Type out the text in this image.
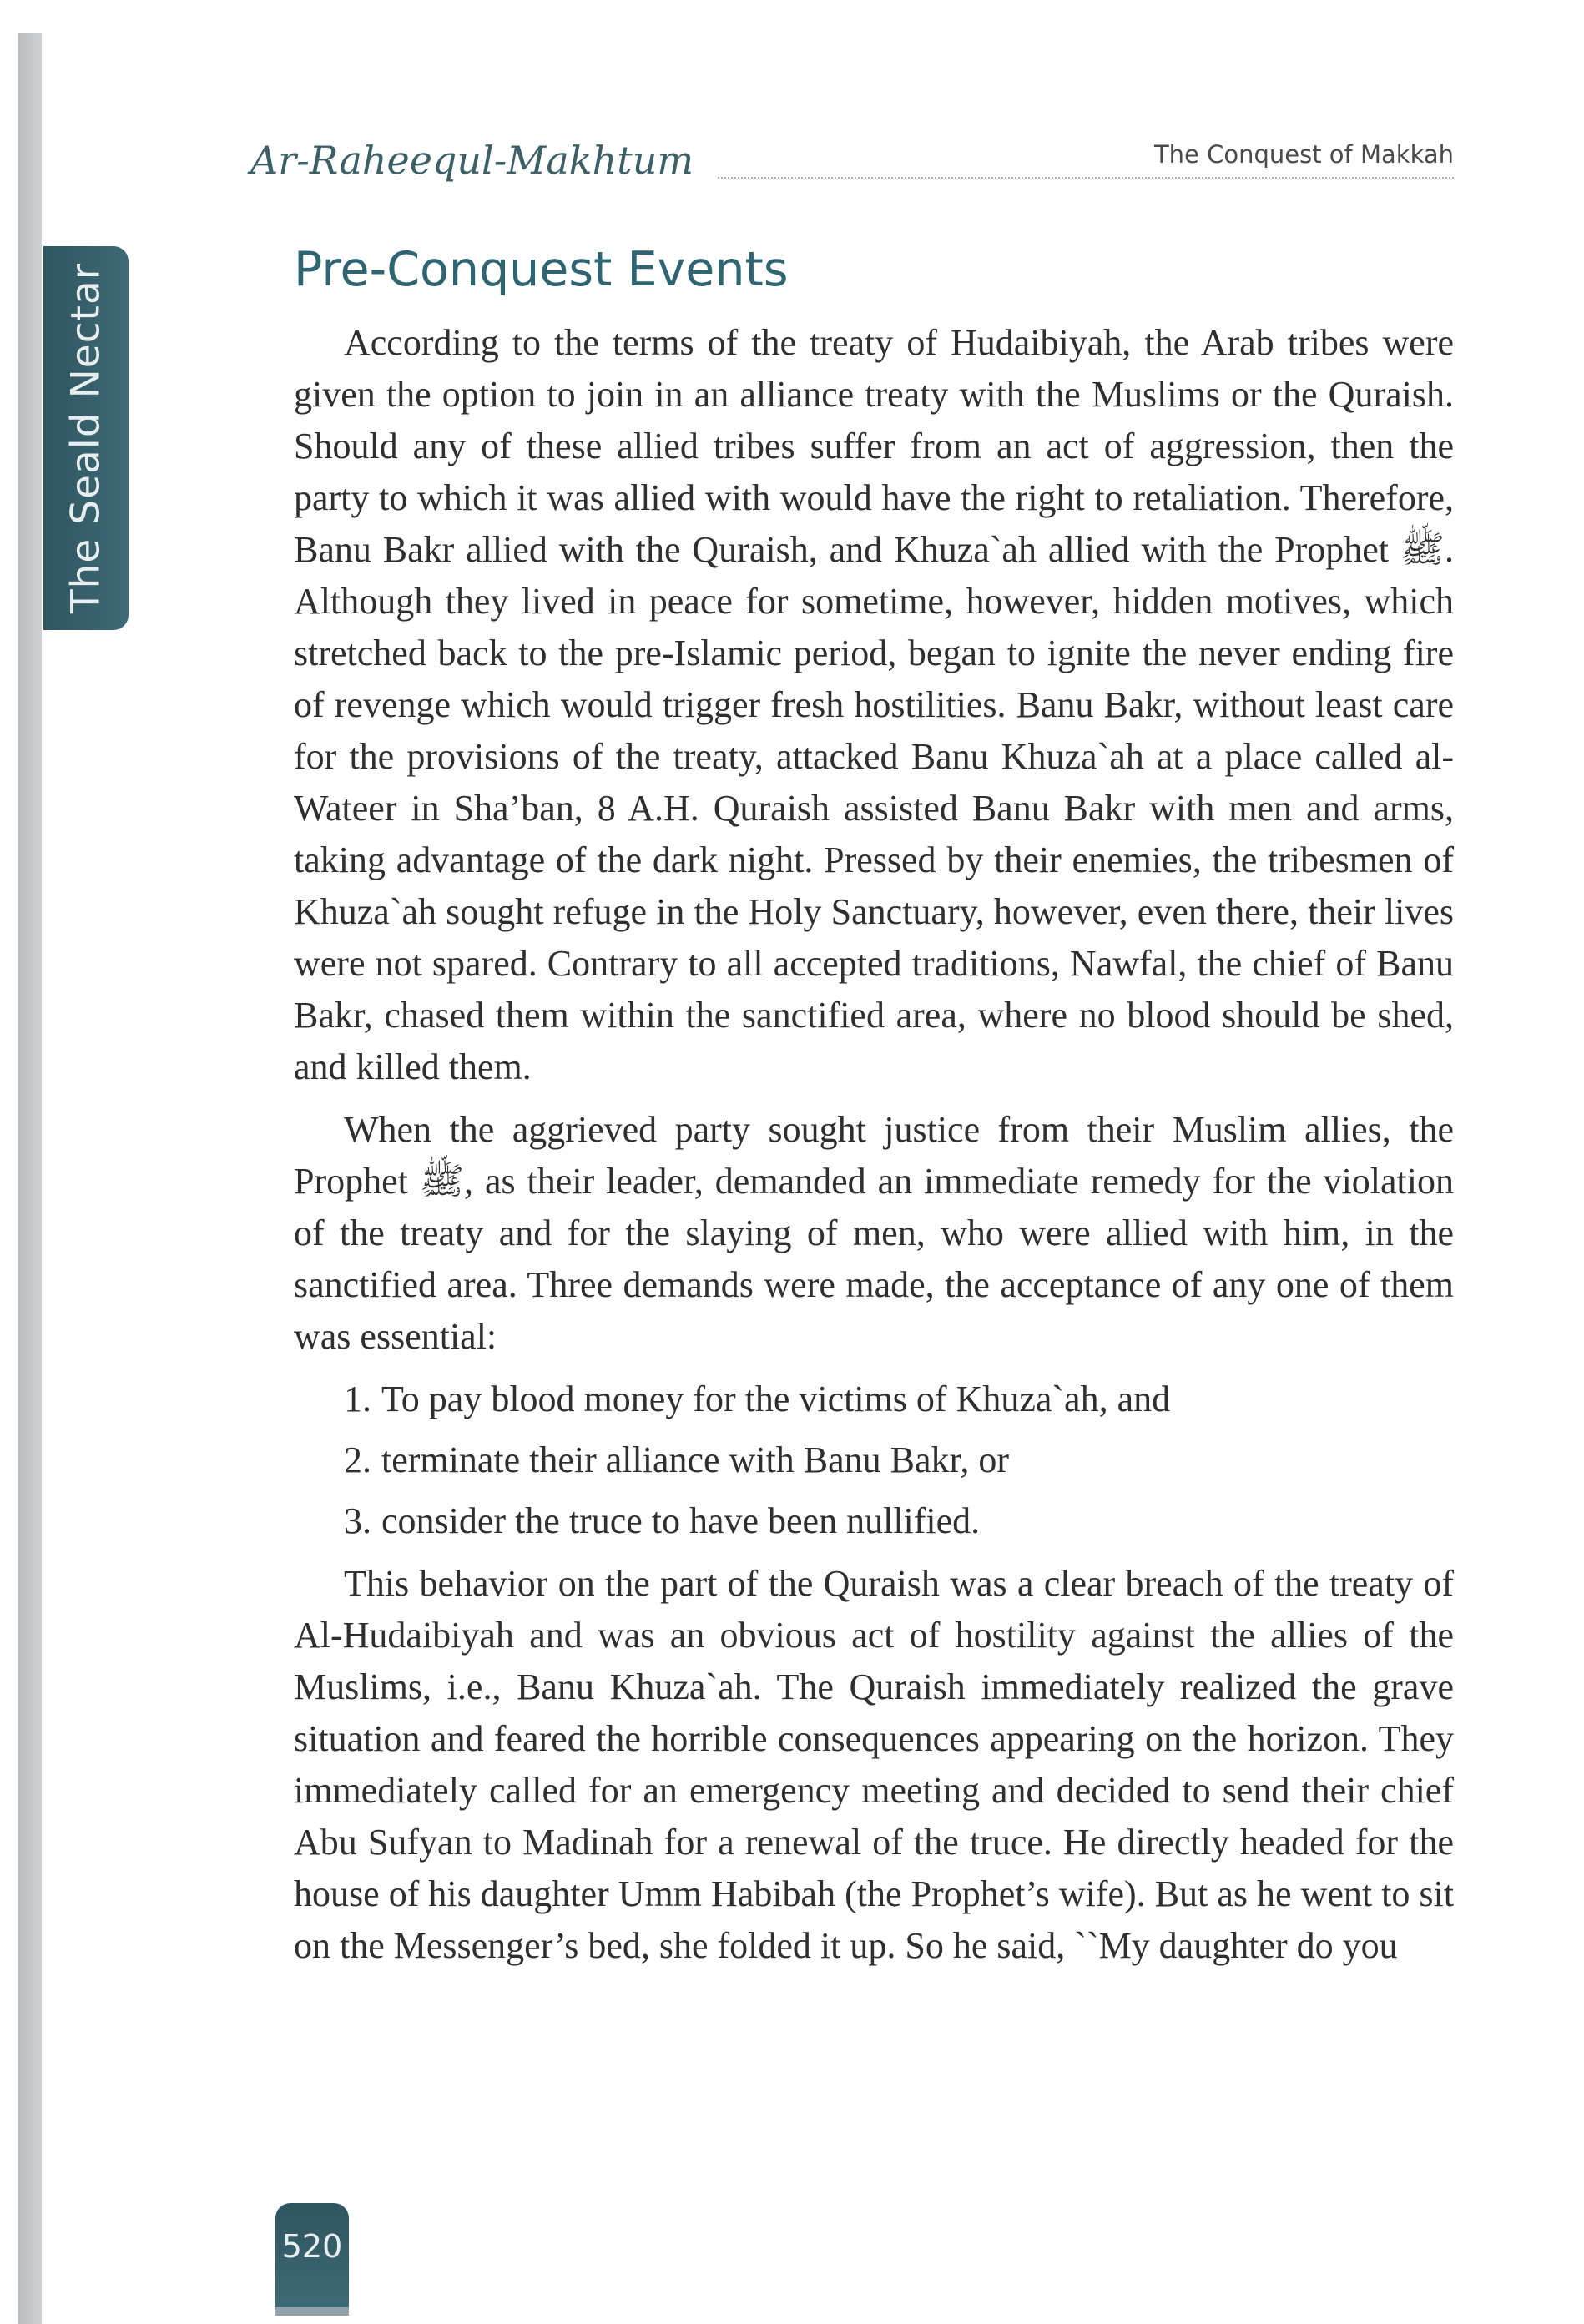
The Seald Nectar
Ar-Raheequl-Makhtum	The Conquest of Makkah
Pre-Conquest Events

According to the terms of the treaty of Hudaibiyah, the Arab tribes were given the option to join in an alliance treaty with the Muslims or the Quraish. Should any of these allied tribes suffer from an act of aggression, then the party to which it was allied with would have the right to retaliation. Therefore, Banu Bakr allied with the Quraish, and Khuza`ah allied with the Prophet ﷺ. Although they lived in peace for sometime, however, hidden motives, which stretched back to the pre-Islamic period, began to ignite the never ending fire of revenge which would trigger fresh hostilities. Banu Bakr, without least care for the provisions of the treaty, attacked Banu Khuza`ah at a place called al-Wateer in Sha’ban, 8 A.H. Quraish assisted Banu Bakr with men and arms, taking advantage of the dark night. Pressed by their enemies, the tribesmen of Khuza`ah sought refuge in the Holy Sanctuary, however, even there, their lives were not spared. Contrary to all accepted traditions, Nawfal, the chief of Banu Bakr, chased them within the sanctified area, where no blood should be shed, and killed them.

When the aggrieved party sought justice from their Muslim allies, the Prophet ﷺ, as their leader, demanded an immediate remedy for the violation of the treaty and for the slaying of men, who were allied with him, in the sanctified area. Three demands were made, the acceptance of any one of them was essential:

1. To pay blood money for the victims of Khuza`ah, and
2. terminate their alliance with Banu Bakr, or
3. consider the truce to have been nullified.

This behavior on the part of the Quraish was a clear breach of the treaty of Al-Hudaibiyah and was an obvious act of hostility against the allies of the Muslims, i.e., Banu Khuza`ah. The Quraish immediately realized the grave situation and feared the horrible consequences appearing on the horizon. They immediately called for an emergency meeting and decided to send their chief Abu Sufyan to Madinah for a renewal of the truce. He directly headed for the house of his daughter Umm Habibah (the Prophet’s wife). But as he went to sit on the Messenger’s bed, she folded it up. So he said, ``My daughter do you

520
